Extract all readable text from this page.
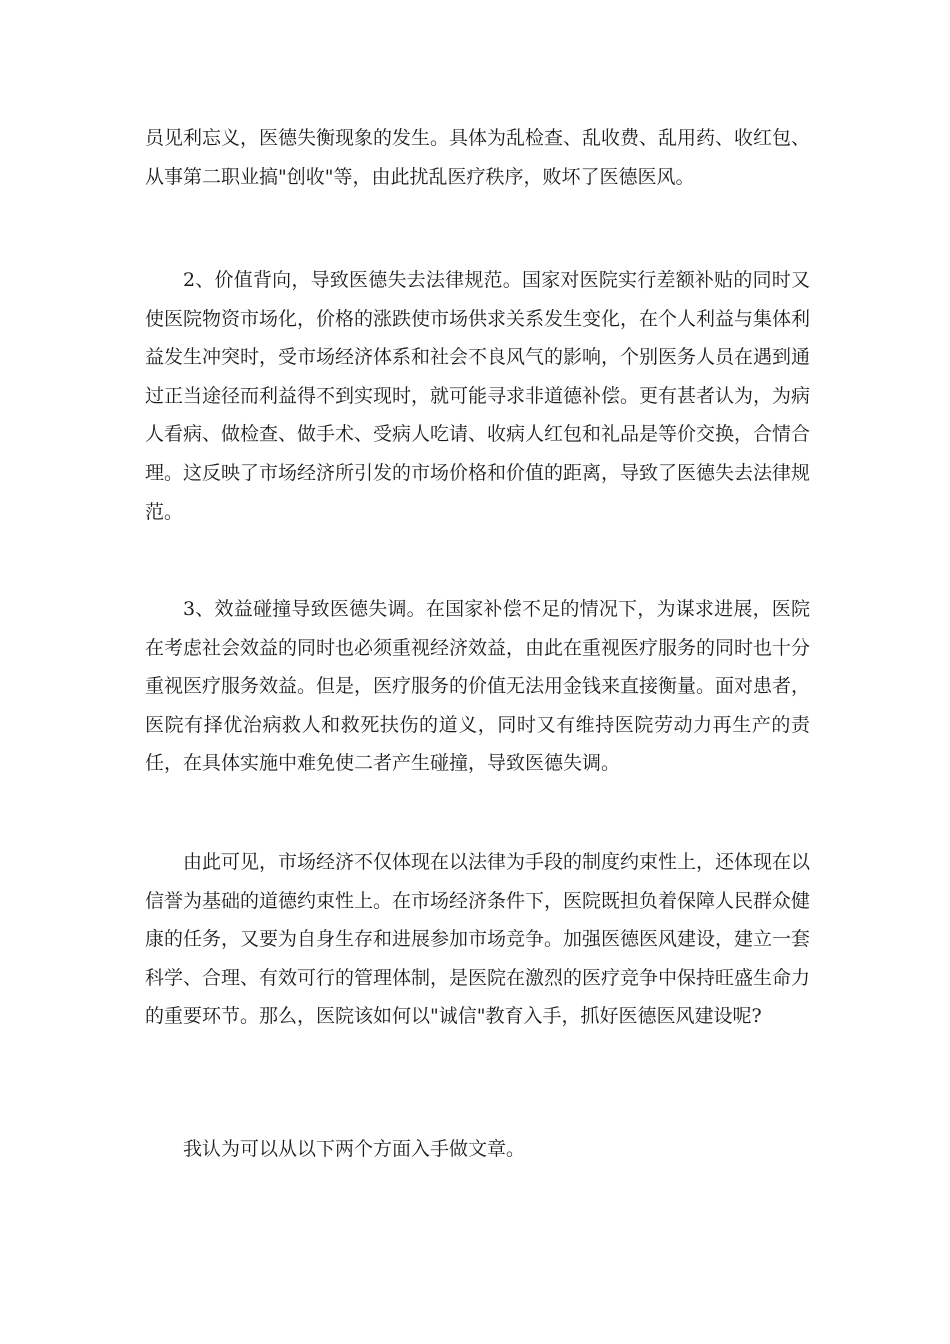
员见利忘义，医德失衡现象的发生。具体为乱检查、乱收费、乱用药、收红包、从事第二职业搞"创收"等，由此扰乱医疗秩序，败坏了医德医风。

2、价值背向，导致医德失去法律规范。国家对医院实行差额补贴的同时又使医院物资市场化，价格的涨跌使市场供求关系发生变化，在个人利益与集体利益发生冲突时，受市场经济体系和社会不良风气的影响，个别医务人员在遇到通过正当途径而利益得不到实现时，就可能寻求非道德补偿。更有甚者认为，为病人看病、做检查、做手术、受病人吃请、收病人红包和礼品是等价交换，合情合理。这反映了市场经济所引发的市场价格和价值的距离，导致了医德失去法律规范。

3、效益碰撞导致医德失调。在国家补偿不足的情况下，为谋求进展，医院在考虑社会效益的同时也必须重视经济效益，由此在重视医疗服务的同时也十分重视医疗服务效益。但是，医疗服务的价值无法用金钱来直接衡量。面对患者，医院有择优治病救人和救死扶伤的道义，同时又有维持医院劳动力再生产的责任，在具体实施中难免使二者产生碰撞，导致医德失调。

由此可见，市场经济不仅体现在以法律为手段的制度约束性上，还体现在以信誉为基础的道德约束性上。在市场经济条件下，医院既担负着保障人民群众健康的任务，又要为自身生存和进展参加市场竞争。加强医德医风建设，建立一套科学、合理、有效可行的管理体制，是医院在激烈的医疗竞争中保持旺盛生命力的重要环节。那么，医院该如何以"诚信"教育入手，抓好医德医风建设呢?

我认为可以从以下两个方面入手做文章。
